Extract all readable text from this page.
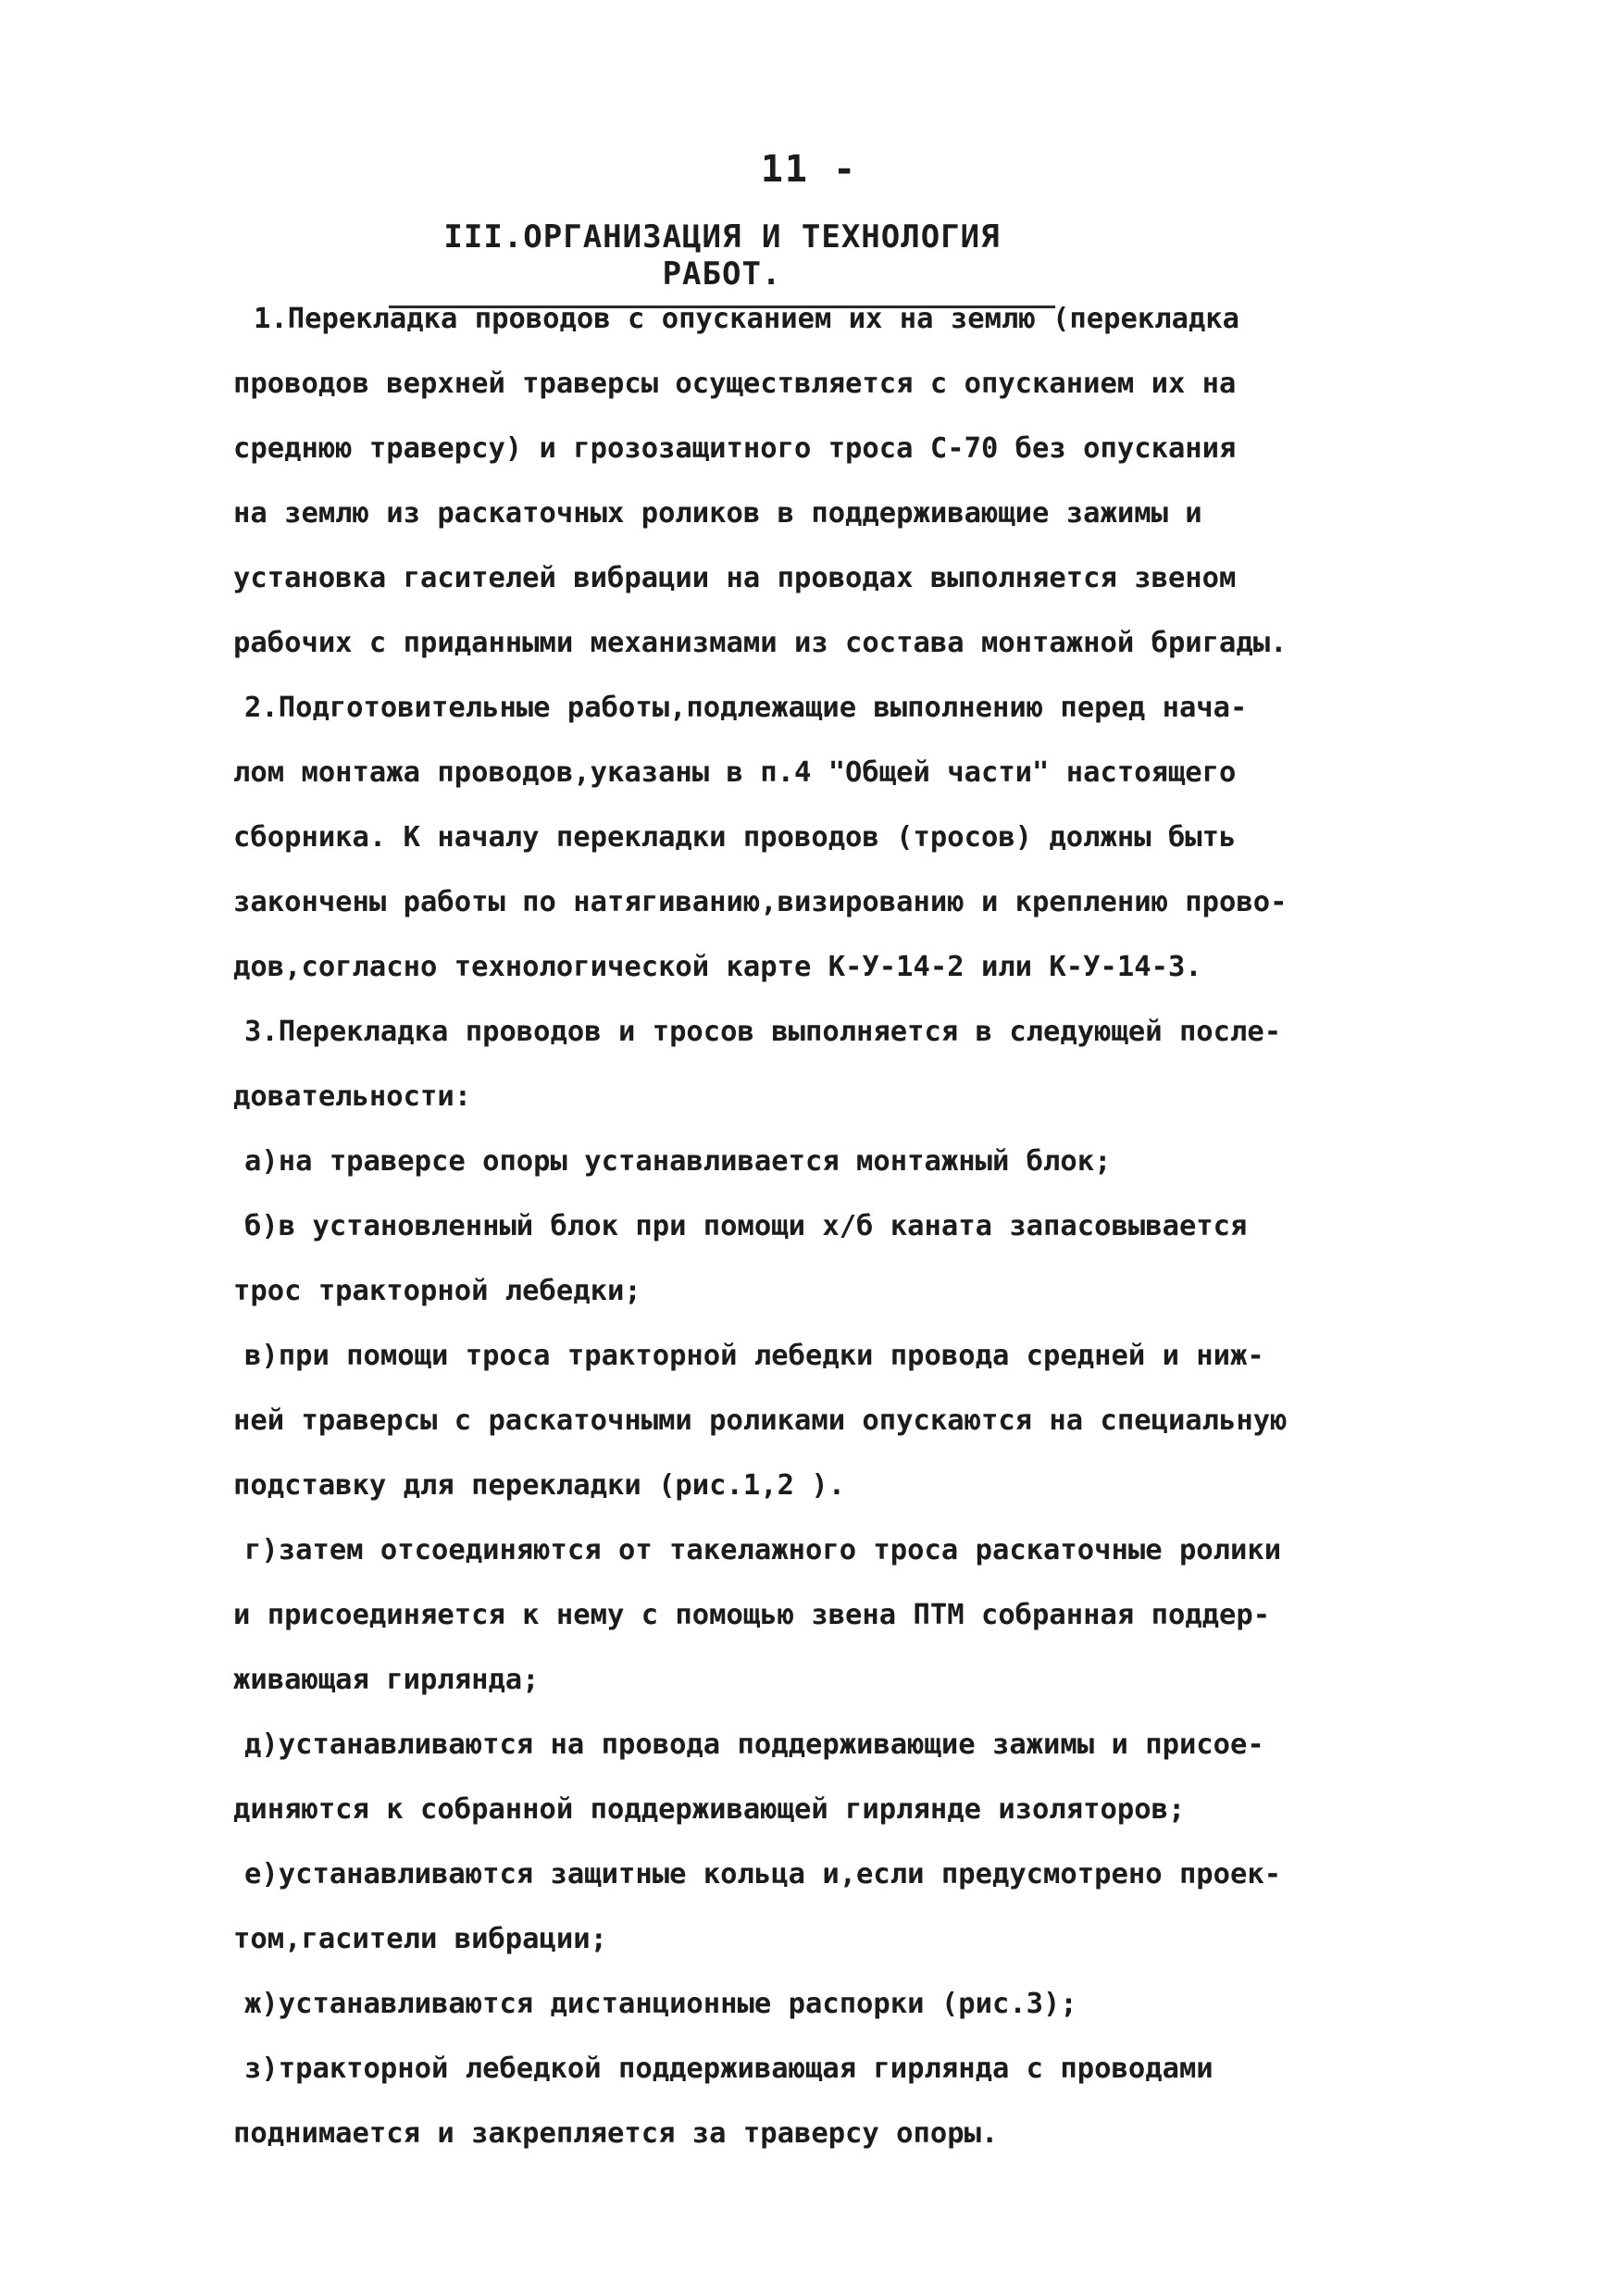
11 -
III.ОРГАНИЗАЦИЯ И ТЕХНОЛОГИЯ РАБОТ.
1.Перекладка проводов с опусканием их на землю (перекладка
проводов верхней траверсы осуществляется с опусканием их на
среднюю траверсу) и грозозащитного троса С-70 без опускания
на землю из раскаточных роликов в поддерживающие зажимы и
установка гасителей вибрации на проводах выполняется звеном
рабочих с приданными механизмами из состава монтажной бригады.
2.Подготовительные работы,подлежащие выполнению перед нача-
лом монтажа проводов,указаны в п.4 "Общей части" настоящего
сборника. К началу перекладки проводов (тросов) должны быть
закончены работы по натягиванию,визированию и креплению прово-
дов,согласно технологической карте К-У-14-2 или К-У-14-3.
3.Перекладка проводов и тросов выполняется в следующей после-
довательности:
а)на траверсе опоры устанавливается монтажный блок;
б)в установленный блок при помощи х/б каната запасовывается
трос тракторной лебедки;
в)при помощи троса тракторной лебедки провода средней и ниж-
ней траверсы с раскаточными роликами опускаются на специальную
подставку для перекладки (рис.1,2 ).
г)затем отсоединяются от такелажного троса раскаточные ролики
и присоединяется к нему с помощью звена ПТМ собранная поддер-
живающая гирлянда;
д)устанавливаются на провода поддерживающие зажимы и присое-
диняются к собранной поддерживающей гирлянде изоляторов;
е)устанавливаются защитные кольца и,если предусмотрено проек-
том,гасители вибрации;
ж)устанавливаются дистанционные распорки (рис.3);
з)тракторной лебедкой поддерживающая гирлянда с проводами
поднимается и закрепляется за траверсу опоры.
